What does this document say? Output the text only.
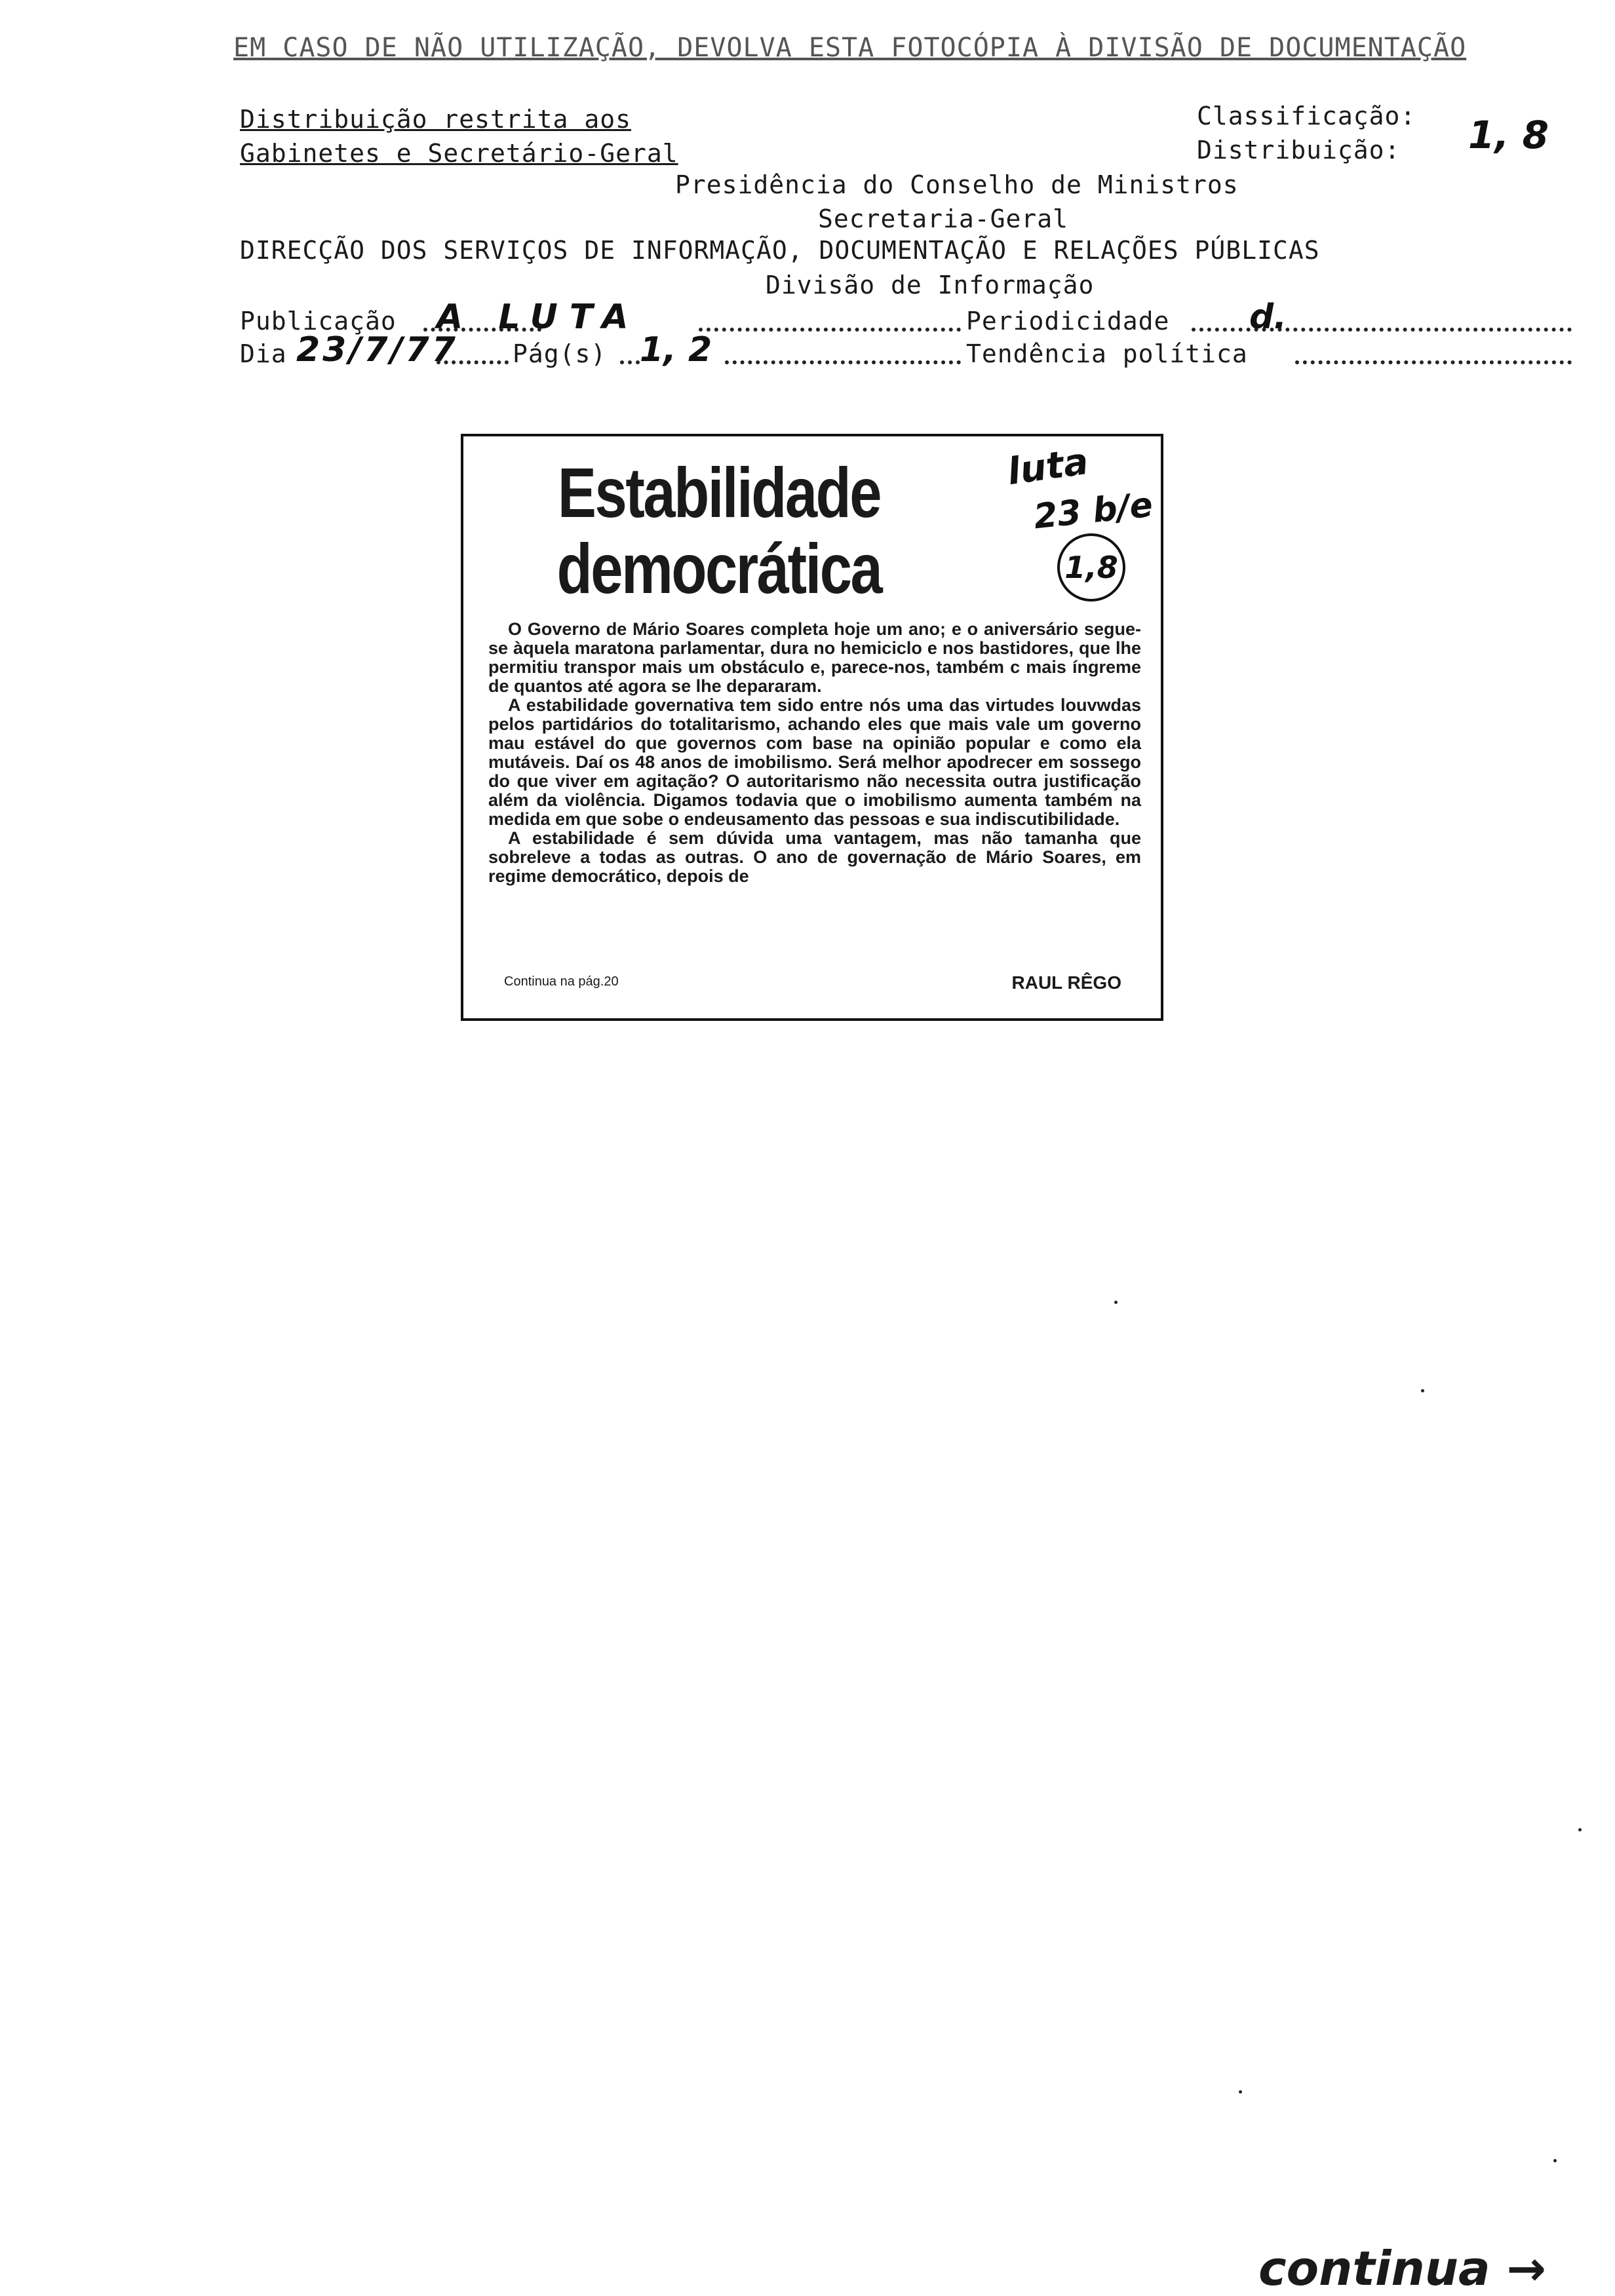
EM CASO DE NÃO UTILIZAÇÃO, DEVOLVA ESTA FOTOCÓPIA À DIVISÃO DE DOCUMENTAÇÃO
Distribuição restrita aos
Gabinetes e Secretário-Geral
Classificação:
Distribuição: 1, 8
Presidência do Conselho de Ministros
Secretaria-Geral
DIRECÇÃO DOS SERVIÇOS DE INFORMAÇÃO, DOCUMENTAÇÃO E RELAÇÕES PÚBLICAS
Divisão de Informação
Publicação A LUTA	Periodicidade d.
Dia 23/7/77 Pág(s) 1, 2	Tendência política
Estabilidade
democrática
luta
23 b/e
1,8

O Governo de Mário Soares completa hoje um ano; e o aniversário segue-se àquela maratona parlamentar, dura no hemiciclo e nos bastidores, que lhe permitiu transpor mais um obstáculo e, parece-nos, também c mais íngreme de quantos até agora se lhe depararam.

A estabilidade governativa tem sido entre nós uma das virtudes louvwdas pelos partidários do totalitarismo, achando eles que mais vale um governo mau estável do que governos com base na opinião popular e como ela mutáveis. Daí os 48 anos de imobilismo. Será melhor apodrecer em sossego do que viver em agitação? O autoritarismo não necessita outra justificação além da violência. Digamos todavia que o imobilismo aumenta também na medida em que sobe o endeusamento das pessoas e sua indiscutibilidade.

A estabilidade é sem dúvida uma vantagem, mas não tamanha que sobreleve a todas as outras. O ano de governação de Mário Soares, em regime democrático, depois de

Continua na pág.20	RAUL RÊGO
continua →
